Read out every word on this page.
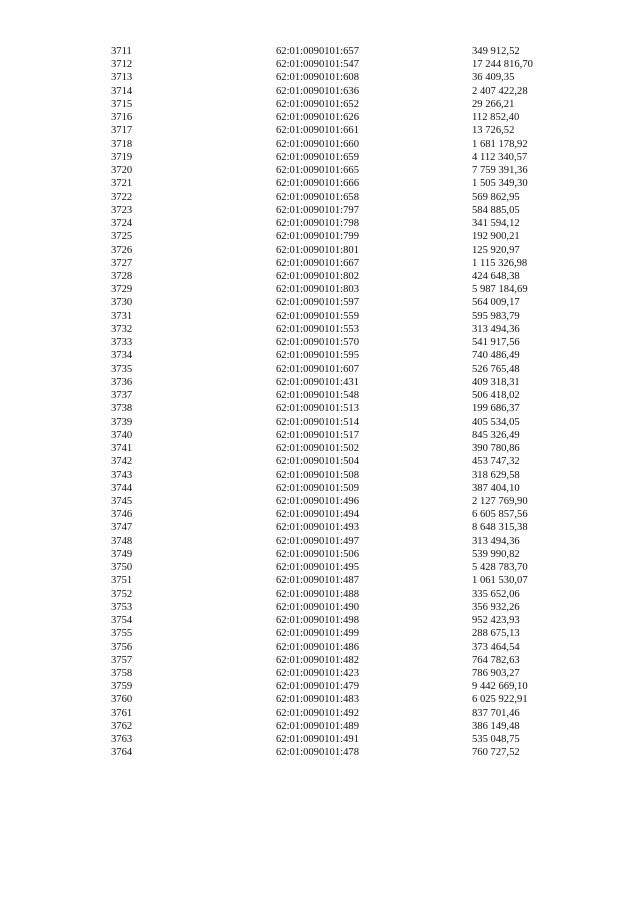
3711	62:01:0090101:657	349 912,52
3712	62:01:0090101:547	17 244 816,70
3713	62:01:0090101:608	36 409,35
3714	62:01:0090101:636	2 407 422,28
3715	62:01:0090101:652	29 266,21
3716	62:01:0090101:626	112 852,40
3717	62:01:0090101:661	13 726,52
3718	62:01:0090101:660	1 681 178,92
3719	62:01:0090101:659	4 112 340,57
3720	62:01:0090101:665	7 759 391,36
3721	62:01:0090101:666	1 505 349,30
3722	62:01:0090101:658	569 862,95
3723	62:01:0090101:797	584 885,05
3724	62:01:0090101:798	341 594,12
3725	62:01:0090101:799	192 900,21
3726	62:01:0090101:801	125 920,97
3727	62:01:0090101:667	1 115 326,98
3728	62:01:0090101:802	424 648,38
3729	62:01:0090101:803	5 987 184,69
3730	62:01:0090101:597	564 009,17
3731	62:01:0090101:559	595 983,79
3732	62:01:0090101:553	313 494,36
3733	62:01:0090101:570	541 917,56
3734	62:01:0090101:595	740 486,49
3735	62:01:0090101:607	526 765,48
3736	62:01:0090101:431	409 318,31
3737	62:01:0090101:548	506 418,02
3738	62:01:0090101:513	199 686,37
3739	62:01:0090101:514	405 534,05
3740	62:01:0090101:517	845 326,49
3741	62:01:0090101:502	390 780,86
3742	62:01:0090101:504	453 747,32
3743	62:01:0090101:508	318 629,58
3744	62:01:0090101:509	387 404,10
3745	62:01:0090101:496	2 127 769,90
3746	62:01:0090101:494	6 605 857,56
3747	62:01:0090101:493	8 648 315,38
3748	62:01:0090101:497	313 494,36
3749	62:01:0090101:506	539 990,82
3750	62:01:0090101:495	5 428 783,70
3751	62:01:0090101:487	1 061 530,07
3752	62:01:0090101:488	335 652,06
3753	62:01:0090101:490	356 932,26
3754	62:01:0090101:498	952 423,93
3755	62:01:0090101:499	288 675,13
3756	62:01:0090101:486	373 464,54
3757	62:01:0090101:482	764 782,63
3758	62:01:0090101:423	786 903,27
3759	62:01:0090101:479	9 442 669,10
3760	62:01:0090101:483	6 025 922,91
3761	62:01:0090101:492	837 701,46
3762	62:01:0090101:489	386 149,48
3763	62:01:0090101:491	535 048,75
3764	62:01:0090101:478	760 727,52
